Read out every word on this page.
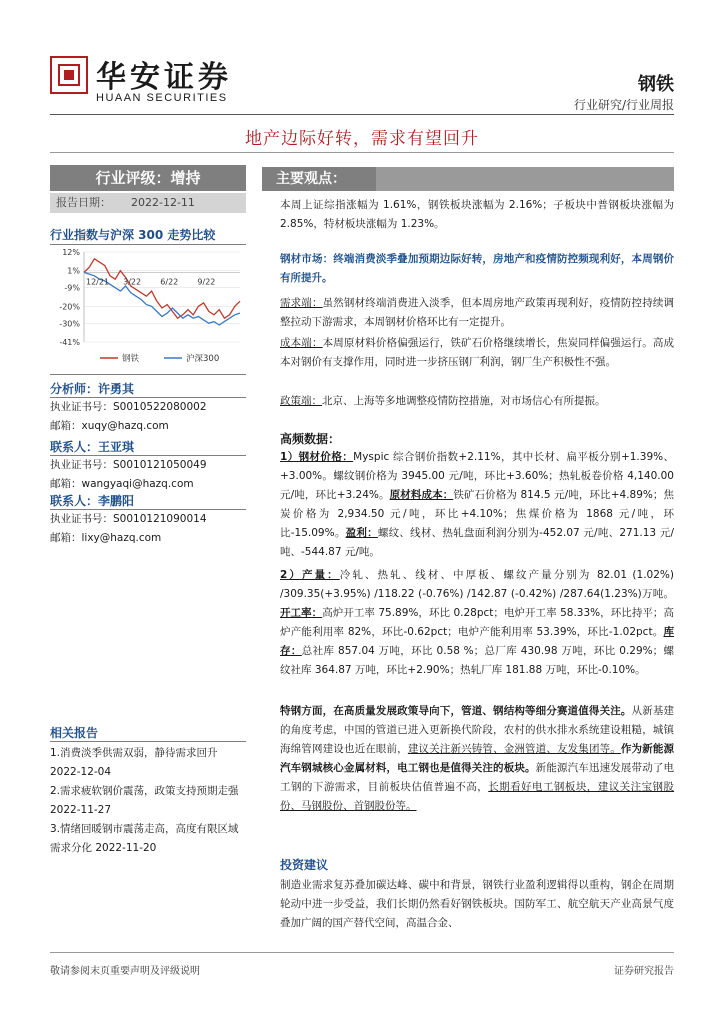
华安证券
HUAAN SECURITIES
钢铁
行业研究/行业周报
地产边际好转，需求有望回升
行业评级：增持
报告日期： 2022-12-11
行业指数与沪深 300 走势比较
12%
1%
-9%
-20%
-30%
-41%
12/21 3/22 6/22 9/22
钢铁	沪深300
分析师：许勇其
执业证书号：S0010522080002
邮箱：xuqy@hazq.com
联系人：王亚琪
执业证书号：S0010121050049
邮箱：wangyaqi@hazq.com
联系人：李鹏阳
执业证书号：S0010121090014
邮箱：lixy@hazq.com
相关报告
1.消费淡季供需双弱，静待需求回升 2022-12-04
2.需求疲软钢价震荡，政策支持预期走强 2022-11-27
3.情绪回暖钢市震荡走高，高度有限区域需求分化 2022-11-20
主要观点：
本周上证综指涨幅为 1.61%，钢铁板块涨幅为 2.16%；子板块中普钢板块涨幅为 2.85%，特材板块涨幅为 1.23%。
钢材市场：终端消费淡季叠加预期边际好转，房地产和疫情防控频现利好，本周钢价有所提升。
需求端：虽然钢材终端消费进入淡季，但本周房地产政策再现利好，疫情防控持续调整拉动下游需求，本周钢材价格环比有一定提升。
成本端：本周原材料价格偏强运行，铁矿石价格继续增长，焦炭同样偏强运行。高成本对钢价有支撑作用，同时进一步挤压钢厂利润，钢厂生产积极性不强。
政策端：北京、上海等多地调整疫情防控措施，对市场信心有所提振。
高频数据：
1）钢材价格：Myspic 综合钢价指数+2.11%，其中长材、扁平板分别+1.39%、+3.00%。螺纹钢价格为 3945.00 元/吨，环比+3.60%；热轧板卷价格 4,140.00 元/吨，环比+3.24%。原材料成本：铁矿石价格为 814.5 元/吨，环比+4.89%；焦炭价格为 2,934.50 元/吨，环比+4.10%；焦煤价格为 1868 元/吨，环比-15.09%。盈利：螺纹、线材、热轧盘面利润分别为-452.07 元/吨、271.13 元/吨、-544.87 元/吨。
2）产量：冷轧、热轧、线材、中厚板、螺纹产量分别为 82.01 (1.02%) /309.35(+3.95%) /118.22 (-0.76%) /142.87 (-0.42%) /287.64(1.23%)万吨。开工率：高炉开工率 75.89%，环比 0.28pct；电炉开工率 58.33%，环比持平；高炉产能利用率 82%，环比-0.62pct；电炉产能利用率 53.39%，环比-1.02pct。库存：总社库 857.04 万吨，环比 0.58 %；总厂库 430.98 万吨，环比 0.29%；螺纹社库 364.87 万吨，环比+2.90%；热轧厂库 181.88 万吨，环比-0.10%。
特钢方面，在高质量发展政策导向下，管道、钢结构等细分赛道值得关注。从新基建的角度考虑，中国的管道已进入更新换代阶段，农村的供水排水系统建设粗糙，城镇海绵管网建设也近在眼前，建议关注新兴铸管、金洲管道、友发集团等。作为新能源汽车钢城核心金属材料，电工钢也是值得关注的板块。新能源汽车迅速发展带动了电工钢的下游需求，目前板块估值普遍不高，长期看好电工钢板块，建议关注宝钢股份、马钢股份、首钢股份等。
投资建议
制造业需求复苏叠加碳达峰、碳中和背景，钢铁行业盈利逻辑得以重构，钢企在周期轮动中进一步受益，我们长期仍然看好钢铁板块。国防军工、航空航天产业高景气度叠加广阔的国产替代空间，高温合金、
敬请参阅末页重要声明及评级说明	证券研究报告
